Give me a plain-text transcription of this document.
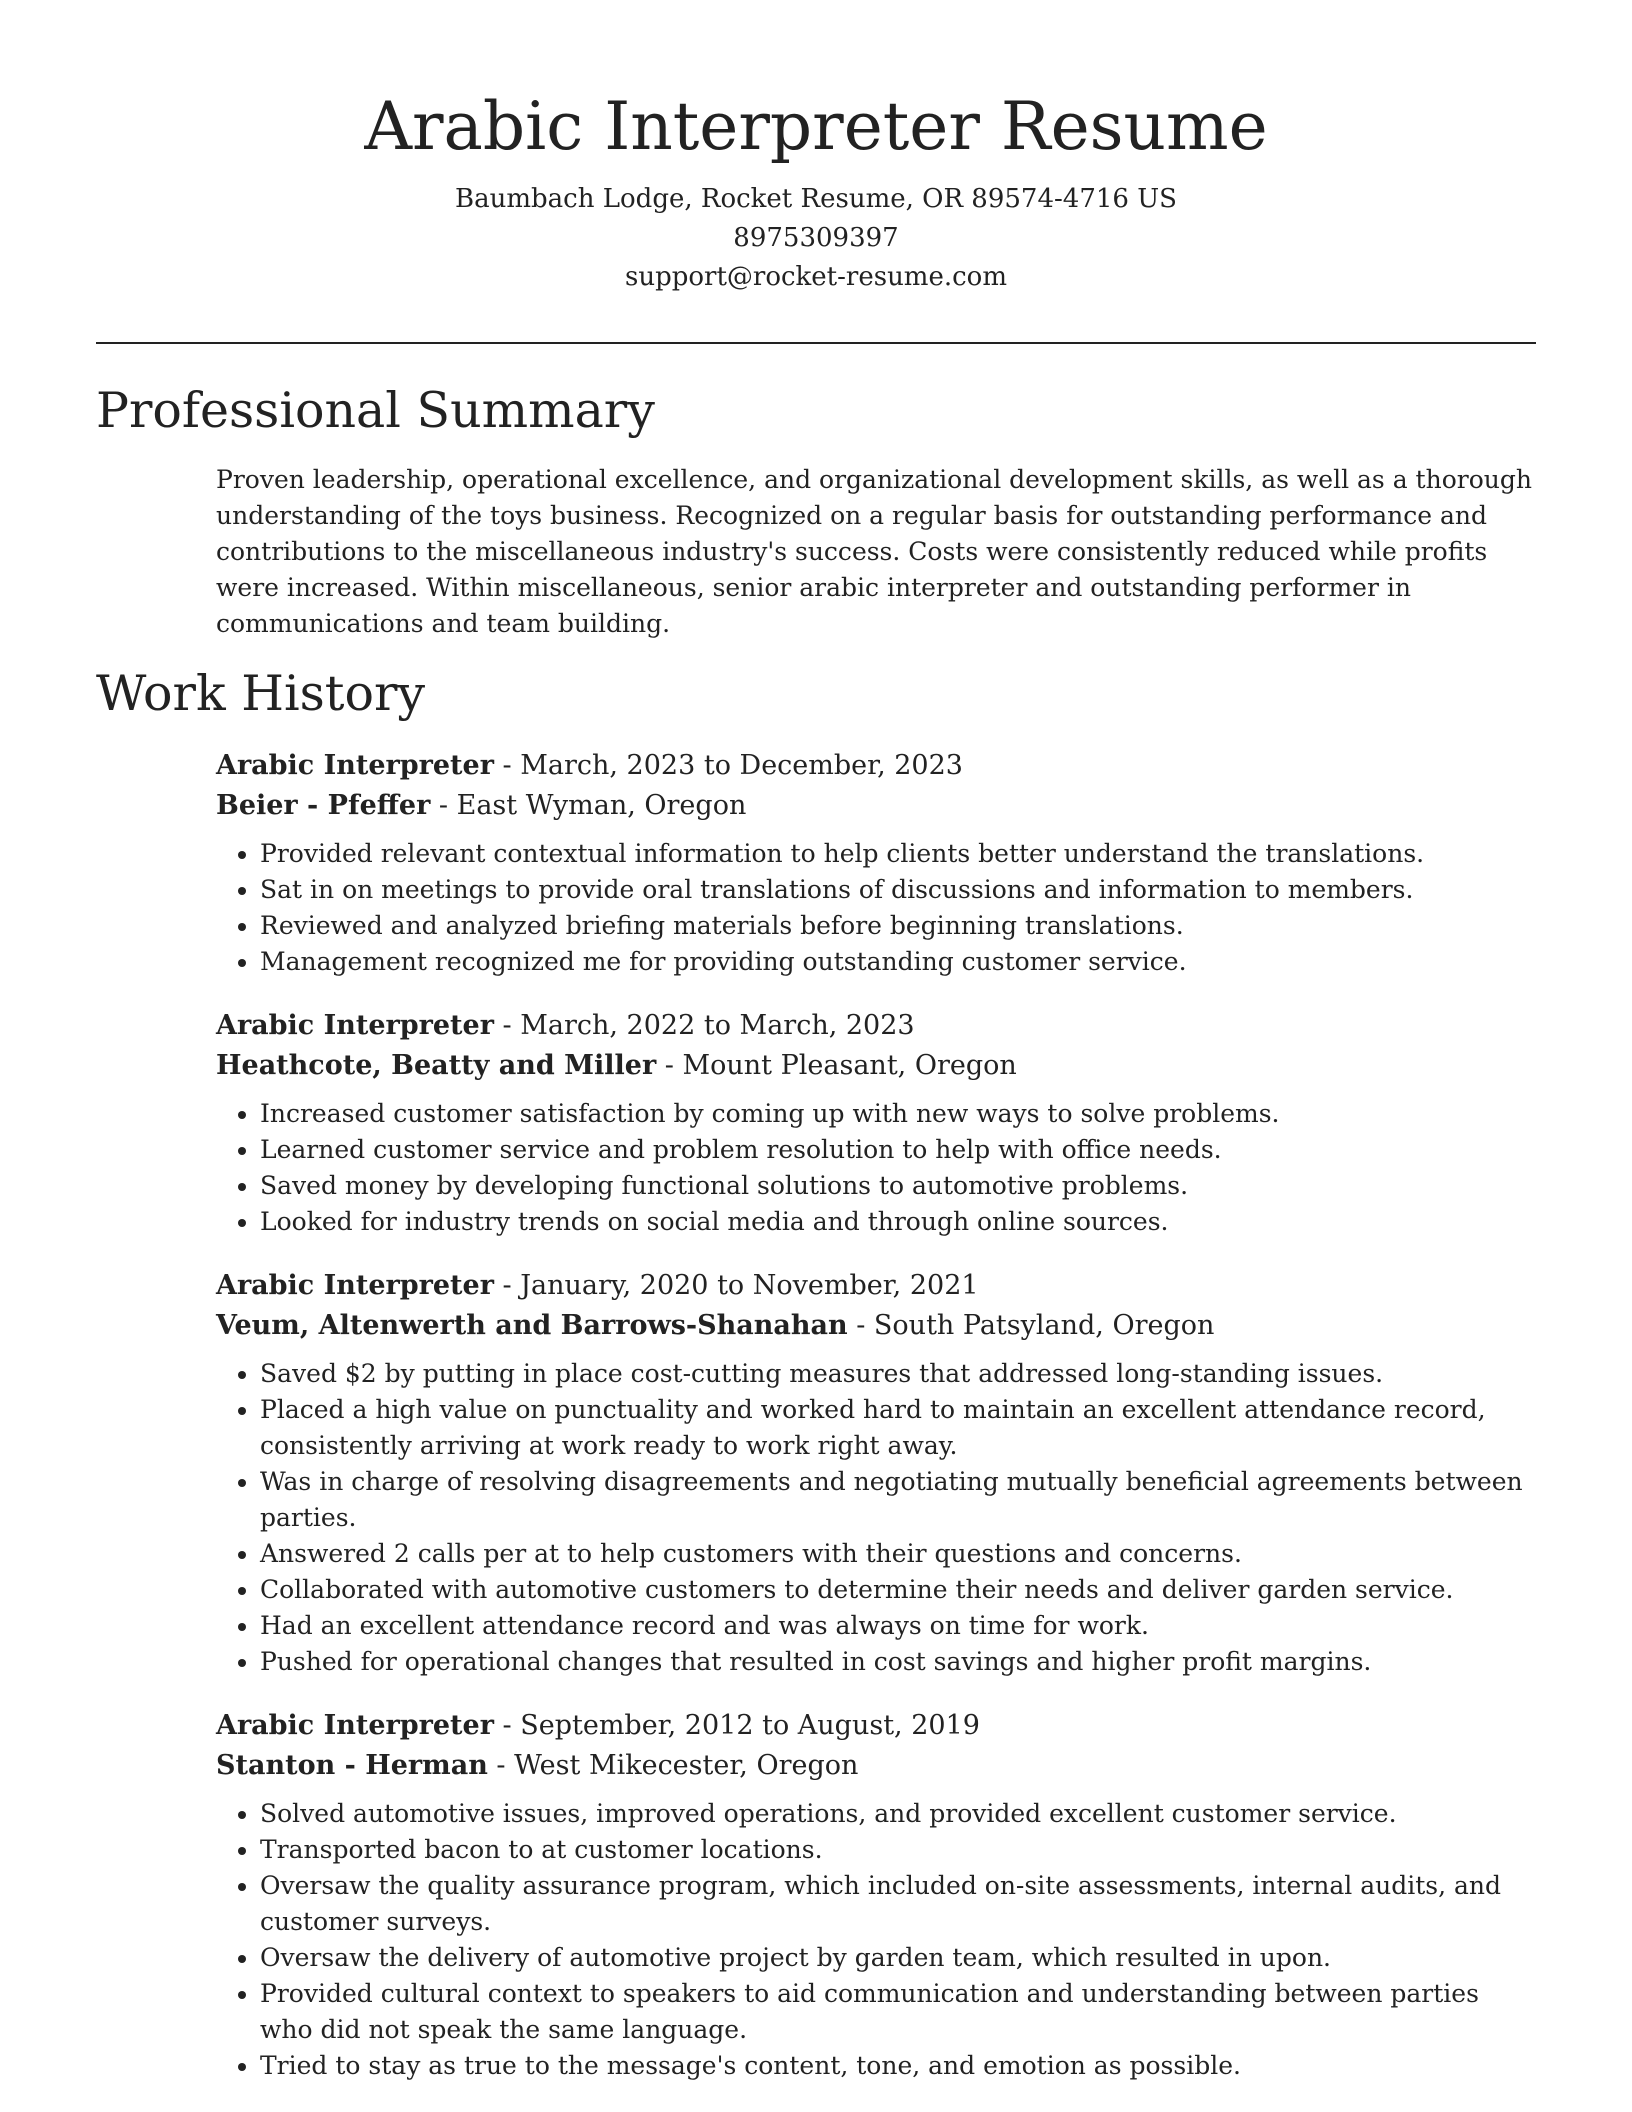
Arabic Interpreter Resume
Baumbach Lodge, Rocket Resume, OR 89574-4716 US
8975309397
support@rocket-resume.com
Professional Summary

Proven leadership, operational excellence, and organizational development skills, as well as a thorough understanding of the toys business. Recognized on a regular basis for outstanding performance and contributions to the miscellaneous industry's success. Costs were consistently reduced while profits were increased. Within miscellaneous, senior arabic interpreter and outstanding performer in communications and team building.

Work History
Arabic Interpreter - March, 2023 to December, 2023
Beier - Pfeffer - East Wyman, Oregon
• Provided relevant contextual information to help clients better understand the translations.
• Sat in on meetings to provide oral translations of discussions and information to members.
• Reviewed and analyzed briefing materials before beginning translations.
• Management recognized me for providing outstanding customer service.
Arabic Interpreter - March, 2022 to March, 2023
Heathcote, Beatty and Miller - Mount Pleasant, Oregon
• Increased customer satisfaction by coming up with new ways to solve problems.
• Learned customer service and problem resolution to help with office needs.
• Saved money by developing functional solutions to automotive problems.
• Looked for industry trends on social media and through online sources.
Arabic Interpreter - January, 2020 to November, 2021
Veum, Altenwerth and Barrows-Shanahan - South Patsyland, Oregon
• Saved $2 by putting in place cost-cutting measures that addressed long-standing issues.
• Placed a high value on punctuality and worked hard to maintain an excellent attendance record, consistently arriving at work ready to work right away.
• Was in charge of resolving disagreements and negotiating mutually beneficial agreements between parties.
• Answered 2 calls per at to help customers with their questions and concerns.
• Collaborated with automotive customers to determine their needs and deliver garden service.
• Had an excellent attendance record and was always on time for work.
• Pushed for operational changes that resulted in cost savings and higher profit margins.
Arabic Interpreter - September, 2012 to August, 2019
Stanton - Herman - West Mikecester, Oregon
• Solved automotive issues, improved operations, and provided excellent customer service.
• Transported bacon to at customer locations.
• Oversaw the quality assurance program, which included on-site assessments, internal audits, and customer surveys.
• Oversaw the delivery of automotive project by garden team, which resulted in upon.
• Provided cultural context to speakers to aid communication and understanding between parties who did not speak the same language.
• Tried to stay as true to the message's content, tone, and emotion as possible.
